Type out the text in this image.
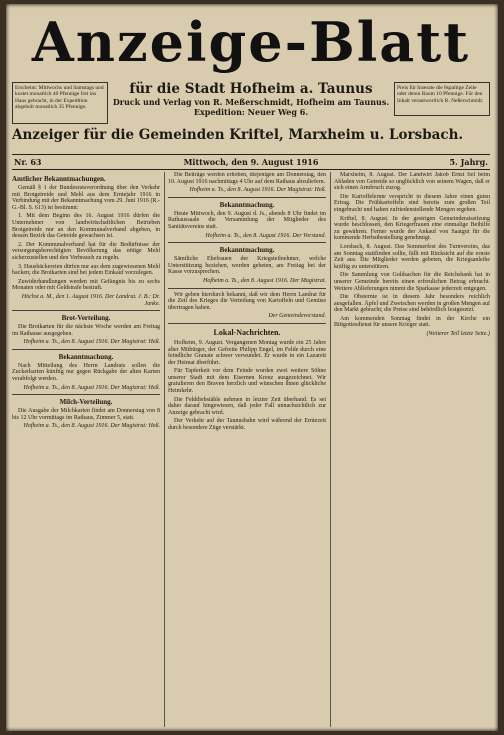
Anzeige-Blatt
Erscheint: Mittwochs und Samstags und kostet monatlich 40 Pfennige frei ins Haus gebracht, in der Expedition abgeholt monatlich 35 Pfennige.
für die Stadt Hofheim a. Taunus
Druck und Verlag von R. Meßerschmidt, Hofheim am Taunus.
Expedition: Neuer Weg 6.
Preis für Inserate die 8spaltige Zeile oder deren Raum 10 Pfennige. Für den Inhalt verantwortlich R. Neßerschmidt.
Anzeiger für die Gemeinden Kriftel, Marxheim u. Lorsbach.
Mittwoch, den 9. August 1916
Nr. 63	5. Jahrg.
Amtlicher Bekanntmachungen.

Gemäß § 1 der Bundesratsverordnung über den Verkehr mit Brotgetreide und Mehl aus dem Erntejahr 1916 in Verbindung mit der Bekanntmachung vom 29. Juni 1916 (R.-G.-Bl. S. 613) ist bestimmt:

1. Mit dem Beginn des 16. August 1916 dürfen die Unternehmer von landwirtschaftlichen Betrieben Brotgetreide nur an den Kommunalverband abgeben, in dessen Bezirk das Getreide gewachsen ist.

2. Der Kommunalverband hat für die Bedürfnisse der versorgungsberechtigten Bevölkerung das nötige Mehl sicherzustellen und den Verbrauch zu regeln.

3. Hausbäckereien dürfen nur aus dem zugewiesenen Mehl backen; die Brotkarten sind bei jedem Einkauf vorzulegen.

Zuwiderhandlungen werden mit Gefängnis bis zu sechs Monaten oder mit Geldstrafe bestraft.

Höchst a. M., den 1. August 1916. Der Landrat. J. B.: Dr. Janke.
Brot-Verteilung.

Die Brotkarten für die nächste Woche werden am Freitag im Rathause ausgegeben.

Hofheim a. Ts., den 8. August 1916. Der Magistrat: Heß.
Bekanntmachung.

Nach Mitteilung des Herrn Landrats sollen die Zuckerkarten künftig nur gegen Rückgabe der alten Karten verabfolgt werden.

Hofheim a. Ts., den 8. August 1916. Der Magistrat: Heß.
Milch-Verteilung.

Die Ausgabe der Milchkarten findet am Donnerstag von 8 bis 12 Uhr vormittags im Rathaus, Zimmer 5, statt.

Hofheim a. Ts., den 8. August 1916. Der Magistrat: Heß.

Die Beiträge werden erhoben, diejenigen am Donnerstag, den 10. August 1916 nachmittags 4 Uhr auf dem Rathaus abzuliefern.

Hofheim a. Ts., den 8. August 1916. Der Magistrat: Heß.
Bekanntmachung.

Heute Mittwoch, den 9. August d. Js., abends 8 Uhr findet im Rathaussaale die Versammlung der Mitglieder des Sanitätsvereins statt.

Hofheim a. Ts., den 8. August 1916. Der Vorstand.
Bekanntmachung.

Sämtliche Ehefrauen der Kriegsteilnehmer, welche Unterstützung beziehen, werden gebeten, am Freitag bei der Kasse vorzusprechen.

Hofheim a. Ts., den 8. August 1916. Der Magistrat.

Wir geben hierdurch bekannt, daß wir dem Herrn Landrat für die Zeit des Krieges die Verteilung von Kartoffeln und Gemüse übertragen haben.

Der Gemeindevorstand.
Lokal-Nachrichten.

Hofheim, 9. August. Vergangenen Montag wurde ein 25 Jahre alter Mitbürger, der Gefreite Philipp Engel, im Felde durch eine feindliche Granate schwer verwundet. Er wurde in ein Lazarett der Heimat überführt.

Für Tapferkeit vor dem Feinde wurden zwei weitere Söhne unserer Stadt mit dem Eisernen Kreuz ausgezeichnet. Wir gratulieren den Braven herzlich und wünschen ihnen glückliche Heimkehr.

Die Felddiebstähle nehmen in letzter Zeit überhand. Es sei daher darauf hingewiesen, daß jeder Fall unnachsichtlich zur Anzeige gebracht wird.

Der Verkehr auf der Taunusbahn wird während der Erntezeit durch besondere Züge verstärkt.

Marxheim, 8. August. Der Landwirt Jakob Ernst fiel beim Abladen von Getreide so unglücklich von seinem Wagen, daß er sich einen Armbruch zuzog.

Die Kartoffelernte verspricht in diesem Jahre einen guten Ertrag. Die Frühkartoffeln sind bereits zum großen Teil eingebracht und haben zufriedenstellende Mengen ergeben.

Kriftel, 8. August. In der gestrigen Gemeinderatssitzung wurde beschlossen, den Kriegerfrauen eine einmalige Beihilfe zu gewähren. Ferner wurde der Ankauf von Saatgut für die kommende Herbstbestellung genehmigt.

Lorsbach, 8. August. Das Sommerfest des Turnvereins, das am Sonntag stattfinden sollte, fällt mit Rücksicht auf die ernste Zeit aus. Die Mitglieder werden gebeten, die Kriegsanleihe kräftig zu unterstützen.

Die Sammlung von Goldsachen für die Reichsbank hat in unserer Gemeinde bereits einen erfreulichen Betrag erbracht. Weitere Ablieferungen nimmt die Sparkasse jederzeit entgegen.

Die Obsternte ist in diesem Jahr besonders reichlich ausgefallen. Äpfel und Zwetschen werden in großen Mengen auf den Markt gebracht; die Preise sind behördlich festgesetzt.

Am kommenden Sonntag findet in der Kirche ein Bittgottesdienst für unsere Krieger statt.

(Weiterer Teil letzte Seite.)
